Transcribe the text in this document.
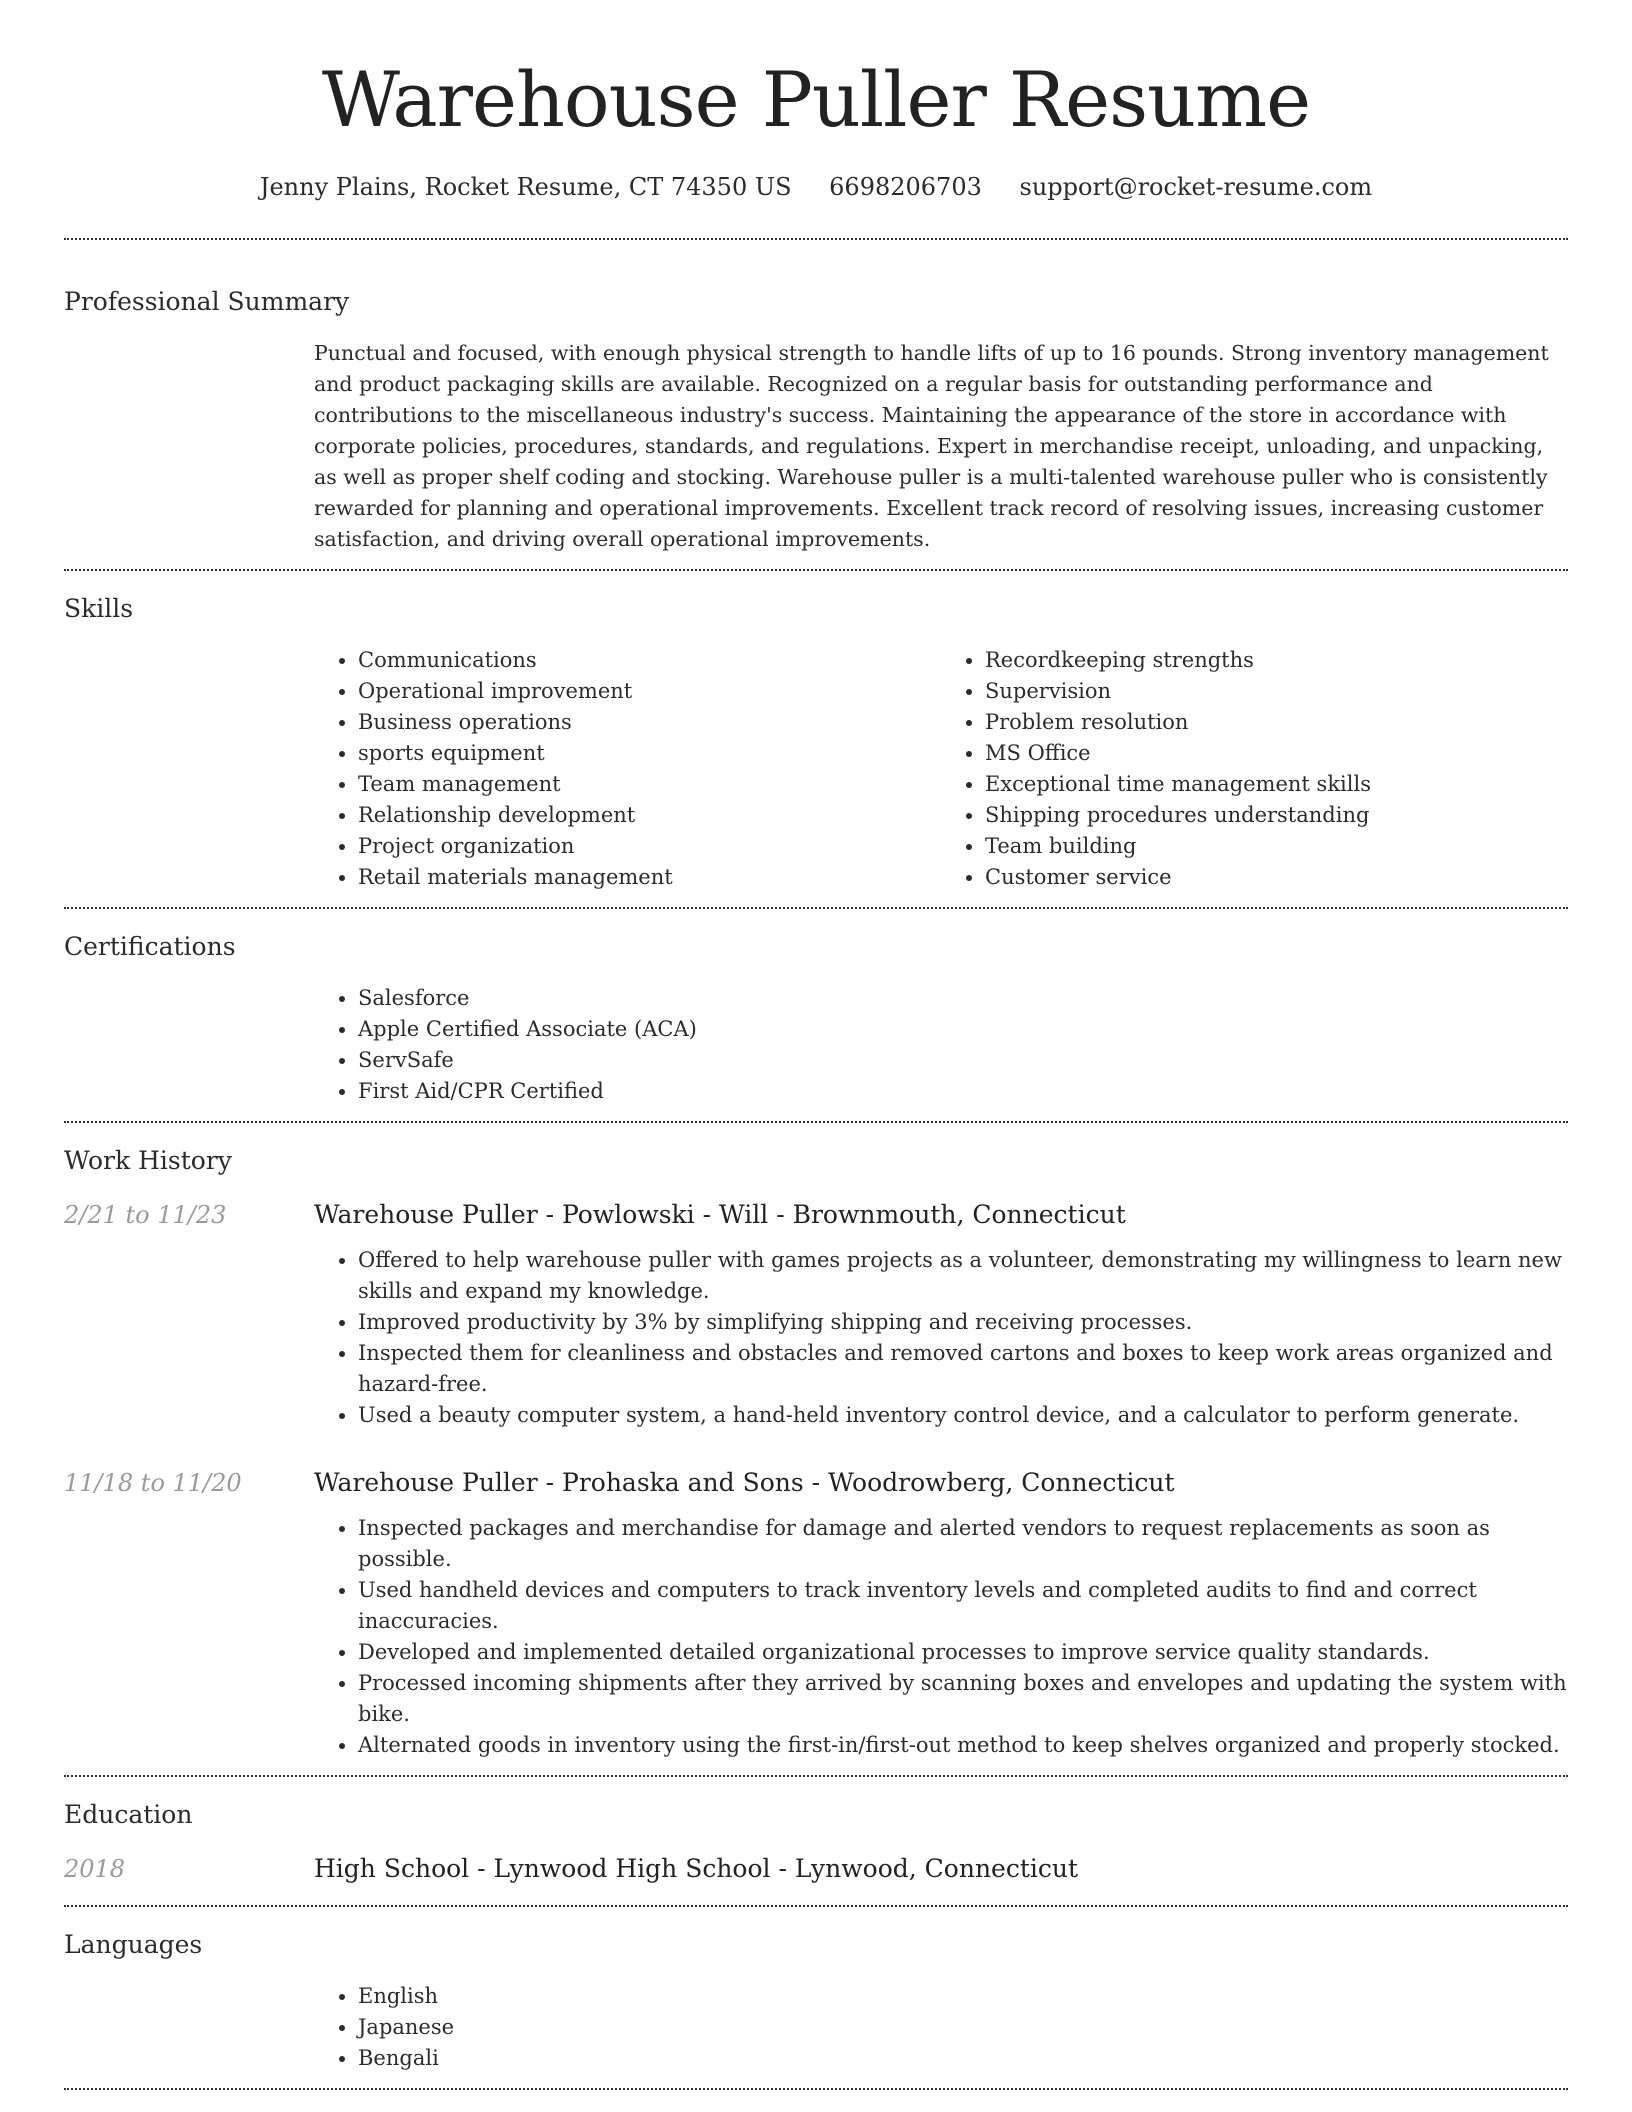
Warehouse Puller Resume
Jenny Plains, Rocket Resume, CT 74350 US 6698206703 support@rocket-resume.com
Professional Summary

Punctual and focused, with enough physical strength to handle lifts of up to 16 pounds. Strong inventory management and product packaging skills are available. Recognized on a regular basis for outstanding performance and contributions to the miscellaneous industry's success. Maintaining the appearance of the store in accordance with corporate policies, procedures, standards, and regulations. Expert in merchandise receipt, unloading, and unpacking, as well as proper shelf coding and stocking. Warehouse puller is a multi-talented warehouse puller who is consistently rewarded for planning and operational improvements. Excellent track record of resolving issues, increasing customer satisfaction, and driving overall operational improvements.

Skills
• Communications
• Operational improvement
• Business operations
• sports equipment
• Team management
• Relationship development
• Project organization
• Retail materials management
• Recordkeeping strengths
• Supervision
• Problem resolution
• MS Office
• Exceptional time management skills
• Shipping procedures understanding
• Team building
• Customer service
Certifications
• Salesforce
• Apple Certified Associate (ACA)
• ServSafe
• First Aid/CPR Certified
Work History
2/21 to 11/23	Warehouse Puller - Powlowski - Will - Brownmouth, Connecticut
• Offered to help warehouse puller with games projects as a volunteer, demonstrating my willingness to learn new skills and expand my knowledge.
• Improved productivity by 3% by simplifying shipping and receiving processes.
• Inspected them for cleanliness and obstacles and removed cartons and boxes to keep work areas organized and hazard-free.
• Used a beauty computer system, a hand-held inventory control device, and a calculator to perform generate.
11/18 to 11/20	Warehouse Puller - Prohaska and Sons - Woodrowberg, Connecticut
• Inspected packages and merchandise for damage and alerted vendors to request replacements as soon as possible.
• Used handheld devices and computers to track inventory levels and completed audits to find and correct inaccuracies.
• Developed and implemented detailed organizational processes to improve service quality standards.
• Processed incoming shipments after they arrived by scanning boxes and envelopes and updating the system with bike.
• Alternated goods in inventory using the first-in/first-out method to keep shelves organized and properly stocked.
Education
2018	High School - Lynwood High School - Lynwood, Connecticut
Languages
• English
• Japanese
• Bengali
